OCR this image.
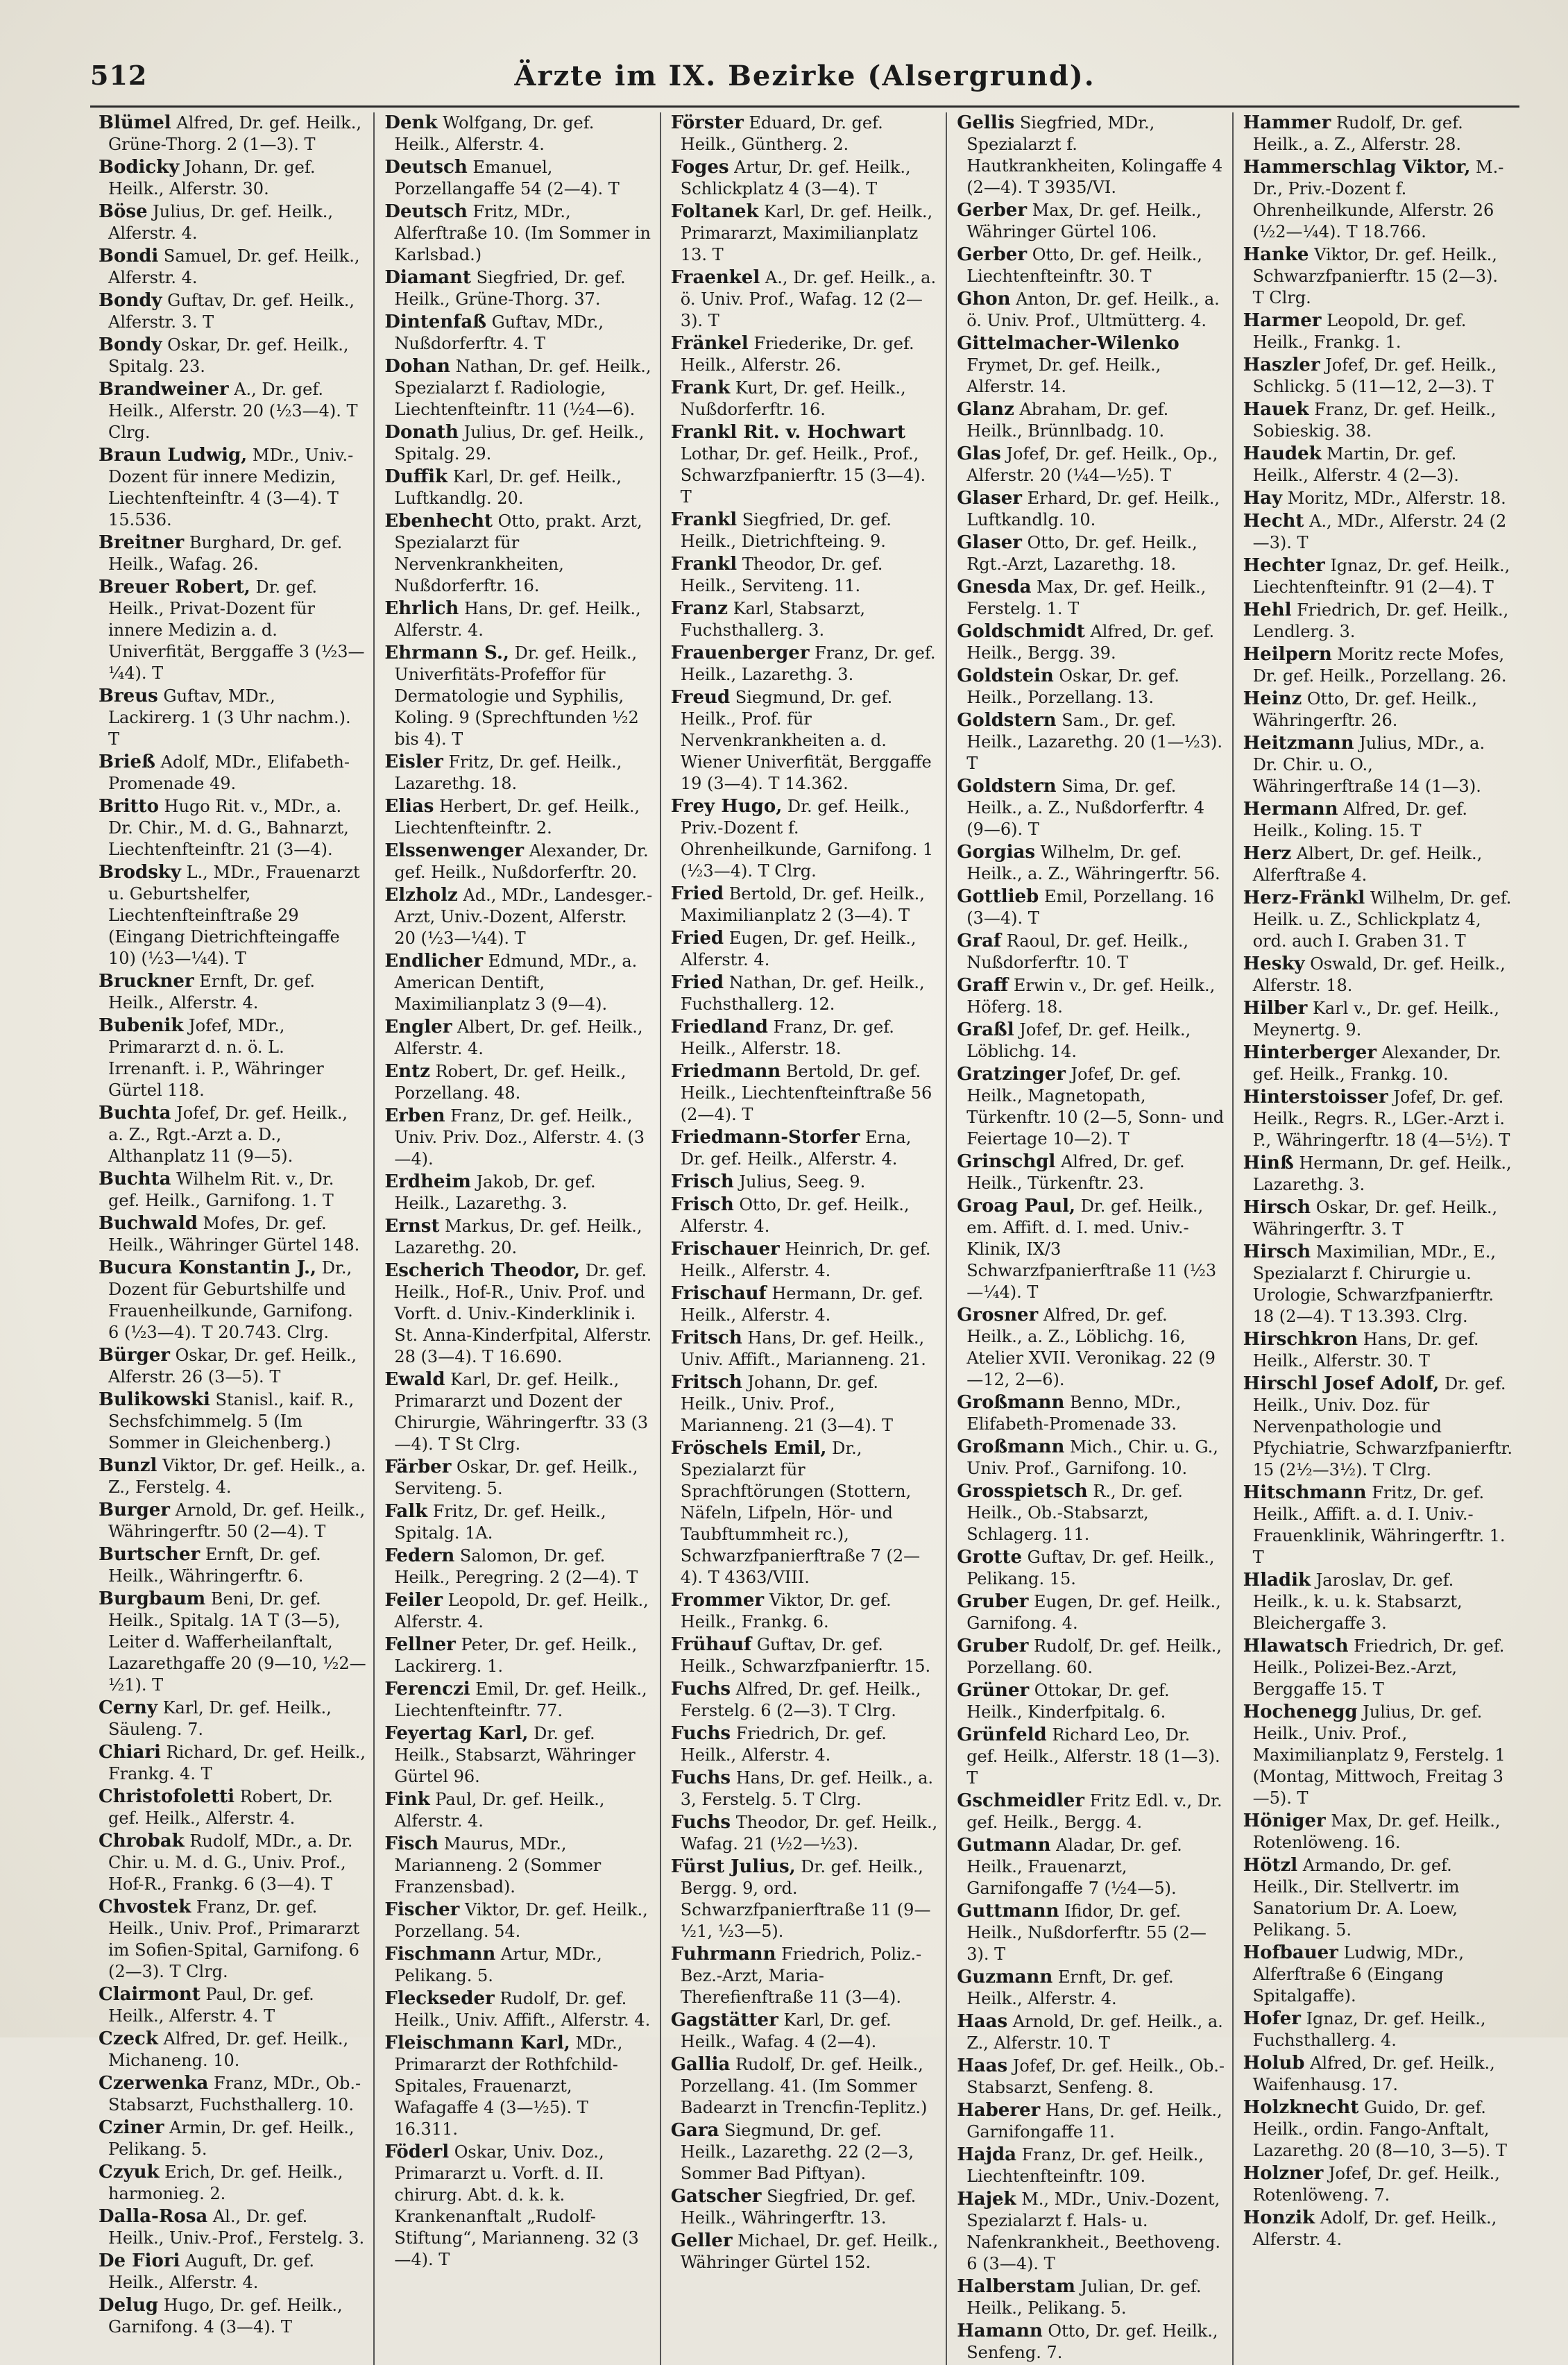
512	Ärzte im IX. Bezirke (Alsergrund).

Blümel Alfred, Dr. gef. Heilk., Grüne-Thorg. 2 (1—3). T

Bodicky Johann, Dr. gef. Heilk., Alferstr. 30.

Böse Julius, Dr. gef. Heilk., Alferstr. 4.

Bondi Samuel, Dr. gef. Heilk., Alferstr. 4.

Bondy Guftav, Dr. gef. Heilk., Alferstr. 3. T

Bondy Oskar, Dr. gef. Heilk., Spitalg. 23.

Brandweiner A., Dr. gef. Heilk., Alferstr. 20 (½3—4). T Clrg.

Braun Ludwig, MDr., Univ.-Dozent für innere Medizin, Liechtenfteinftr. 4 (3—4). T 15.536.

Breitner Burghard, Dr. gef. Heilk., Wafag. 26.

Breuer Robert, Dr. gef. Heilk., Privat-Dozent für innere Medizin a. d. Univerfität, Berggaffe 3 (½3—¼4). T

Breus Guftav, MDr., Lackirerg. 1 (3 Uhr nachm.). T

Brieß Adolf, MDr., Elifabeth-Promenade 49.

Britto Hugo Rit. v., MDr., a. Dr. Chir., M. d. G., Bahnarzt, Liechtenfteinftr. 21 (3—4).

Brodsky L., MDr., Frauenarzt u. Geburtshelfer, Liechtenfteinftraße 29 (Eingang Dietrichfteingaffe 10) (½3—¼4). T

Bruckner Ernft, Dr. gef. Heilk., Alferstr. 4.

Bubenik Jofef, MDr., Primararzt d. n. ö. L. Irrenanft. i. P., Währinger Gürtel 118.

Buchta Jofef, Dr. gef. Heilk., a. Z., Rgt.-Arzt a. D., Althanplatz 11 (9—5).

Buchta Wilhelm Rit. v., Dr. gef. Heilk., Garnifong. 1. T

Buchwald Mofes, Dr. gef. Heilk., Währinger Gürtel 148.

Bucura Konstantin J., Dr., Dozent für Geburtshilfe und Frauenheilkunde, Garnifong. 6 (½3—4). T 20.743. Clrg.

Bürger Oskar, Dr. gef. Heilk., Alferstr. 26 (3—5). T

Bulikowski Stanisl., kaif. R., Sechsfchimmelg. 5 (Im Sommer in Gleichenberg.)

Bunzl Viktor, Dr. gef. Heilk., a. Z., Ferstelg. 4.

Burger Arnold, Dr. gef. Heilk., Währingerftr. 50 (2—4). T

Burtscher Ernft, Dr. gef. Heilk., Währingerftr. 6.

Burgbaum Beni, Dr. gef. Heilk., Spitalg. 1A T (3—5), Leiter d. Wafferheilanftalt, Lazarethgaffe 20 (9—10, ½2—½1). T

Cerny Karl, Dr. gef. Heilk., Säuleng. 7.

Chiari Richard, Dr. gef. Heilk., Frankg. 4. T

Christofoletti Robert, Dr. gef. Heilk., Alferstr. 4.

Chrobak Rudolf, MDr., a. Dr. Chir. u. M. d. G., Univ. Prof., Hof-R., Frankg. 6 (3—4). T

Chvostek Franz, Dr. gef. Heilk., Univ. Prof., Primararzt im Sofien-Spital, Garnifong. 6 (2—3). T Clrg.

Clairmont Paul, Dr. gef. Heilk., Alferstr. 4. T

Czeck Alfred, Dr. gef. Heilk., Michaneng. 10.

Czerwenka Franz, MDr., Ob.-Stabsarzt, Fuchsthallerg. 10.

Cziner Armin, Dr. gef. Heilk., Pelikang. 5.

Czyuk Erich, Dr. gef. Heilk., harmonieg. 2.

Dalla-Rosa Al., Dr. gef. Heilk., Univ.-Prof., Ferstelg. 3.

De Fiori Auguft, Dr. gef. Heilk., Alferstr. 4.

Delug Hugo, Dr. gef. Heilk., Garnifong. 4 (3—4). T

Denk Wolfgang, Dr. gef. Heilk., Alferstr. 4.

Deutsch Emanuel, Porzellangaffe 54 (2—4). T

Deutsch Fritz, MDr., Alferftraße 10. (Im Sommer in Karlsbad.)

Diamant Siegfried, Dr. gef. Heilk., Grüne-Thorg. 37.

Dintenfaß Guftav, MDr., Nußdorferftr. 4. T

Dohan Nathan, Dr. gef. Heilk., Spezialarzt f. Radiologie, Liechtenfteinftr. 11 (½4—6).

Donath Julius, Dr. gef. Heilk., Spitalg. 29.

Duffik Karl, Dr. gef. Heilk., Luftkandlg. 20.

Ebenhecht Otto, prakt. Arzt, Spezialarzt für Nervenkrankheiten, Nußdorferftr. 16.

Ehrlich Hans, Dr. gef. Heilk., Alferstr. 4.

Ehrmann S., Dr. gef. Heilk., Univerfitäts-Profeffor für Dermatologie und Syphilis, Koling. 9 (Sprechftunden ½2 bis 4). T

Eisler Fritz, Dr. gef. Heilk., Lazarethg. 18.

Elias Herbert, Dr. gef. Heilk., Liechtenfteinftr. 2.

Elssenwenger Alexander, Dr. gef. Heilk., Nußdorferftr. 20.

Elzholz Ad., MDr., Landesger.-Arzt, Univ.-Dozent, Alferstr. 20 (½3—¼4). T

Endlicher Edmund, MDr., a. American Dentift, Maximilianplatz 3 (9—4).

Engler Albert, Dr. gef. Heilk., Alferstr. 4.

Entz Robert, Dr. gef. Heilk., Porzellang. 48.

Erben Franz, Dr. gef. Heilk., Univ. Priv. Doz., Alferstr. 4. (3—4).

Erdheim Jakob, Dr. gef. Heilk., Lazarethg. 3.

Ernst Markus, Dr. gef. Heilk., Lazarethg. 20.

Escherich Theodor, Dr. gef. Heilk., Hof-R., Univ. Prof. und Vorft. d. Univ.-Kinderklinik i. St. Anna-Kinderfpital, Alferstr. 28 (3—4). T 16.690.

Ewald Karl, Dr. gef. Heilk., Primararzt und Dozent der Chirurgie, Währingerftr. 33 (3—4). T St Clrg.

Färber Oskar, Dr. gef. Heilk., Serviteng. 5.

Falk Fritz, Dr. gef. Heilk., Spitalg. 1A.

Federn Salomon, Dr. gef. Heilk., Peregring. 2 (2—4). T

Feiler Leopold, Dr. gef. Heilk., Alferstr. 4.

Fellner Peter, Dr. gef. Heilk., Lackirerg. 1.

Ferenczi Emil, Dr. gef. Heilk., Liechtenfteinftr. 77.

Feyertag Karl, Dr. gef. Heilk., Stabsarzt, Währinger Gürtel 96.

Fink Paul, Dr. gef. Heilk., Alferstr. 4.

Fisch Maurus, MDr., Marianneng. 2 (Sommer Franzensbad).

Fischer Viktor, Dr. gef. Heilk., Porzellang. 54.

Fischmann Artur, MDr., Pelikang. 5.

Fleckseder Rudolf, Dr. gef. Heilk., Univ. Affift., Alferstr. 4.

Fleischmann Karl, MDr., Primararzt der Rothfchild-Spitales, Frauenarzt, Wafagaffe 4 (3—½5). T 16.311.

Föderl Oskar, Univ. Doz., Primararzt u. Vorft. d. II. chirurg. Abt. d. k. k. Krankenanftalt „Rudolf-Stiftung“, Marianneng. 32 (3—4). T

Förster Eduard, Dr. gef. Heilk., Güntherg. 2.

Foges Artur, Dr. gef. Heilk., Schlickplatz 4 (3—4). T

Foltanek Karl, Dr. gef. Heilk., Primararzt, Maximilianplatz 13. T

Fraenkel A., Dr. gef. Heilk., a. ö. Univ. Prof., Wafag. 12 (2—3). T

Fränkel Friederike, Dr. gef. Heilk., Alferstr. 26.

Frank Kurt, Dr. gef. Heilk., Nußdorferftr. 16.

Frankl Rit. v. Hochwart Lothar, Dr. gef. Heilk., Prof., Schwarzfpanierftr. 15 (3—4). T

Frankl Siegfried, Dr. gef. Heilk., Dietrichfteing. 9.

Frankl Theodor, Dr. gef. Heilk., Serviteng. 11.

Franz Karl, Stabsarzt, Fuchsthallerg. 3.

Frauenberger Franz, Dr. gef. Heilk., Lazarethg. 3.

Freud Siegmund, Dr. gef. Heilk., Prof. für Nervenkrankheiten a. d. Wiener Univerfität, Berggaffe 19 (3—4). T 14.362.

Frey Hugo, Dr. gef. Heilk., Priv.-Dozent f. Ohrenheilkunde, Garnifong. 1 (½3—4). T Clrg.

Fried Bertold, Dr. gef. Heilk., Maximilianplatz 2 (3—4). T

Fried Eugen, Dr. gef. Heilk., Alferstr. 4.

Fried Nathan, Dr. gef. Heilk., Fuchsthallerg. 12.

Friedland Franz, Dr. gef. Heilk., Alferstr. 18.

Friedmann Bertold, Dr. gef. Heilk., Liechtenfteinftraße 56 (2—4). T

Friedmann-Storfer Erna, Dr. gef. Heilk., Alferstr. 4.

Frisch Julius, Seeg. 9.

Frisch Otto, Dr. gef. Heilk., Alferstr. 4.

Frischauer Heinrich, Dr. gef. Heilk., Alferstr. 4.

Frischauf Hermann, Dr. gef. Heilk., Alferstr. 4.

Fritsch Hans, Dr. gef. Heilk., Univ. Affift., Marianneng. 21.

Fritsch Johann, Dr. gef. Heilk., Univ. Prof., Marianneng. 21 (3—4). T

Fröschels Emil, Dr., Spezialarzt für Sprachftörungen (Stottern, Näfeln, Lifpeln, Hör- und Taubftummheit rc.), Schwarzfpanierftraße 7 (2—4). T 4363/VIII.

Frommer Viktor, Dr. gef. Heilk., Frankg. 6.

Frühauf Guftav, Dr. gef. Heilk., Schwarzfpanierftr. 15.

Fuchs Alfred, Dr. gef. Heilk., Ferstelg. 6 (2—3). T Clrg.

Fuchs Friedrich, Dr. gef. Heilk., Alferstr. 4.

Fuchs Hans, Dr. gef. Heilk., a. 3, Ferstelg. 5. T Clrg.

Fuchs Theodor, Dr. gef. Heilk., Wafag. 21 (½2—½3).

Fürst Julius, Dr. gef. Heilk., Bergg. 9, ord. Schwarzfpanierftraße 11 (9—½1, ½3—5).

Fuhrmann Friedrich, Poliz.-Bez.-Arzt, Maria-Therefienftraße 11 (3—4).

Gagstätter Karl, Dr. gef. Heilk., Wafag. 4 (2—4).

Gallia Rudolf, Dr. gef. Heilk., Porzellang. 41. (Im Sommer Badearzt in Trencfin-Teplitz.)

Gara Siegmund, Dr. gef. Heilk., Lazarethg. 22 (2—3, Sommer Bad Piftyan).

Gatscher Siegfried, Dr. gef. Heilk., Währingerftr. 13.

Geller Michael, Dr. gef. Heilk., Währinger Gürtel 152.

Gellis Siegfried, MDr., Spezialarzt f. Hautkrankheiten, Kolingaffe 4 (2—4). T 3935/VI.

Gerber Max, Dr. gef. Heilk., Währinger Gürtel 106.

Gerber Otto, Dr. gef. Heilk., Liechtenfteinftr. 30. T

Ghon Anton, Dr. gef. Heilk., a. ö. Univ. Prof., Ultmütterg. 4.

Gittelmacher-Wilenko Frymet, Dr. gef. Heilk., Alferstr. 14.

Glanz Abraham, Dr. gef. Heilk., Brünnlbadg. 10.

Glas Jofef, Dr. gef. Heilk., Op., Alferstr. 20 (¼4—½5). T

Glaser Erhard, Dr. gef. Heilk., Luftkandlg. 10.

Glaser Otto, Dr. gef. Heilk., Rgt.-Arzt, Lazarethg. 18.

Gnesda Max, Dr. gef. Heilk., Ferstelg. 1. T

Goldschmidt Alfred, Dr. gef. Heilk., Bergg. 39.

Goldstein Oskar, Dr. gef. Heilk., Porzellang. 13.

Goldstern Sam., Dr. gef. Heilk., Lazarethg. 20 (1—½3). T

Goldstern Sima, Dr. gef. Heilk., a. Z., Nußdorferftr. 4 (9—6). T

Gorgias Wilhelm, Dr. gef. Heilk., a. Z., Währingerftr. 56.

Gottlieb Emil, Porzellang. 16 (3—4). T

Graf Raoul, Dr. gef. Heilk., Nußdorferftr. 10. T

Graff Erwin v., Dr. gef. Heilk., Höferg. 18.

Graßl Jofef, Dr. gef. Heilk., Löblichg. 14.

Gratzinger Jofef, Dr. gef. Heilk., Magnetopath, Türkenftr. 10 (2—5, Sonn- und Feiertage 10—2). T

Grinschgl Alfred, Dr. gef. Heilk., Türkenftr. 23.

Groag Paul, Dr. gef. Heilk., em. Affift. d. I. med. Univ.-Klinik, IX/3 Schwarzfpanierftraße 11 (½3—¼4). T

Grosner Alfred, Dr. gef. Heilk., a. Z., Löblichg. 16, Atelier XVII. Veronikag. 22 (9—12, 2—6).

Großmann Benno, MDr., Elifabeth-Promenade 33.

Großmann Mich., Chir. u. G., Univ. Prof., Garnifong. 10.

Grosspietsch R., Dr. gef. Heilk., Ob.-Stabsarzt, Schlagerg. 11.

Grotte Guftav, Dr. gef. Heilk., Pelikang. 15.

Gruber Eugen, Dr. gef. Heilk., Garnifong. 4.

Gruber Rudolf, Dr. gef. Heilk., Porzellang. 60.

Grüner Ottokar, Dr. gef. Heilk., Kinderfpitalg. 6.

Grünfeld Richard Leo, Dr. gef. Heilk., Alferstr. 18 (1—3). T

Gschmeidler Fritz Edl. v., Dr. gef. Heilk., Bergg. 4.

Gutmann Aladar, Dr. gef. Heilk., Frauenarzt, Garnifongaffe 7 (½4—5).

Guttmann Ifidor, Dr. gef. Heilk., Nußdorferftr. 55 (2—3). T

Guzmann Ernft, Dr. gef. Heilk., Alferstr. 4.

Haas Arnold, Dr. gef. Heilk., a. Z., Alferstr. 10. T

Haas Jofef, Dr. gef. Heilk., Ob.-Stabsarzt, Senfeng. 8.

Haberer Hans, Dr. gef. Heilk., Garnifongaffe 11.

Hajda Franz, Dr. gef. Heilk., Liechtenfteinftr. 109.

Hajek M., MDr., Univ.-Dozent, Spezialarzt f. Hals- u. Nafenkrankheit., Beethoveng. 6 (3—4). T

Halberstam Julian, Dr. gef. Heilk., Pelikang. 5.

Hamann Otto, Dr. gef. Heilk., Senfeng. 7.

Hammer Rudolf, Dr. gef. Heilk., a. Z., Alferstr. 28.

Hammerschlag Viktor, M.-Dr., Priv.-Dozent f. Ohrenheilkunde, Alferstr. 26 (½2—¼4). T 18.766.

Hanke Viktor, Dr. gef. Heilk., Schwarzfpanierftr. 15 (2—3). T Clrg.

Harmer Leopold, Dr. gef. Heilk., Frankg. 1.

Haszler Jofef, Dr. gef. Heilk., Schlickg. 5 (11—12, 2—3). T

Hauek Franz, Dr. gef. Heilk., Sobieskig. 38.

Haudek Martin, Dr. gef. Heilk., Alferstr. 4 (2—3).

Hay Moritz, MDr., Alferstr. 18.

Hecht A., MDr., Alferstr. 24 (2—3). T

Hechter Ignaz, Dr. gef. Heilk., Liechtenfteinftr. 91 (2—4). T

Hehl Friedrich, Dr. gef. Heilk., Lendlerg. 3.

Heilpern Moritz recte Mofes, Dr. gef. Heilk., Porzellang. 26.

Heinz Otto, Dr. gef. Heilk., Währingerftr. 26.

Heitzmann Julius, MDr., a. Dr. Chir. u. O., Währingerftraße 14 (1—3).

Hermann Alfred, Dr. gef. Heilk., Koling. 15. T

Herz Albert, Dr. gef. Heilk., Alferftraße 4.

Herz-Fränkl Wilhelm, Dr. gef. Heilk. u. Z., Schlickplatz 4, ord. auch I. Graben 31. T

Hesky Oswald, Dr. gef. Heilk., Alferstr. 18.

Hilber Karl v., Dr. gef. Heilk., Meynertg. 9.

Hinterberger Alexander, Dr. gef. Heilk., Frankg. 10.

Hinterstoisser Jofef, Dr. gef. Heilk., Regrs. R., LGer.-Arzt i. P., Währingerftr. 18 (4—5½). T

Hinß Hermann, Dr. gef. Heilk., Lazarethg. 3.

Hirsch Oskar, Dr. gef. Heilk., Währingerftr. 3. T

Hirsch Maximilian, MDr., E., Spezialarzt f. Chirurgie u. Urologie, Schwarzfpanierftr. 18 (2—4). T 13.393. Clrg.

Hirschkron Hans, Dr. gef. Heilk., Alferstr. 30. T

Hirschl Josef Adolf, Dr. gef. Heilk., Univ. Doz. für Nervenpathologie und Pfychiatrie, Schwarzfpanierftr. 15 (2½—3½). T Clrg.

Hitschmann Fritz, Dr. gef. Heilk., Affift. a. d. I. Univ.-Frauenklinik, Währingerftr. 1. T

Hladik Jaroslav, Dr. gef. Heilk., k. u. k. Stabsarzt, Bleichergaffe 3.

Hlawatsch Friedrich, Dr. gef. Heilk., Polizei-Bez.-Arzt, Berggaffe 15. T

Hochenegg Julius, Dr. gef. Heilk., Univ. Prof., Maximilianplatz 9, Ferstelg. 1 (Montag, Mittwoch, Freitag 3—5). T

Höniger Max, Dr. gef. Heilk., Rotenlöweng. 16.

Hötzl Armando, Dr. gef. Heilk., Dir. Stellvertr. im Sanatorium Dr. A. Loew, Pelikang. 5.

Hofbauer Ludwig, MDr., Alferftraße 6 (Eingang Spitalgaffe).

Hofer Ignaz, Dr. gef. Heilk., Fuchsthallerg. 4.

Holub Alfred, Dr. gef. Heilk., Waifenhausg. 17.

Holzknecht Guido, Dr. gef. Heilk., ordin. Fango-Anftalt, Lazarethg. 20 (8—10, 3—5). T

Holzner Jofef, Dr. gef. Heilk., Rotenlöweng. 7.

Honzik Adolf, Dr. gef. Heilk., Alferstr. 4.
